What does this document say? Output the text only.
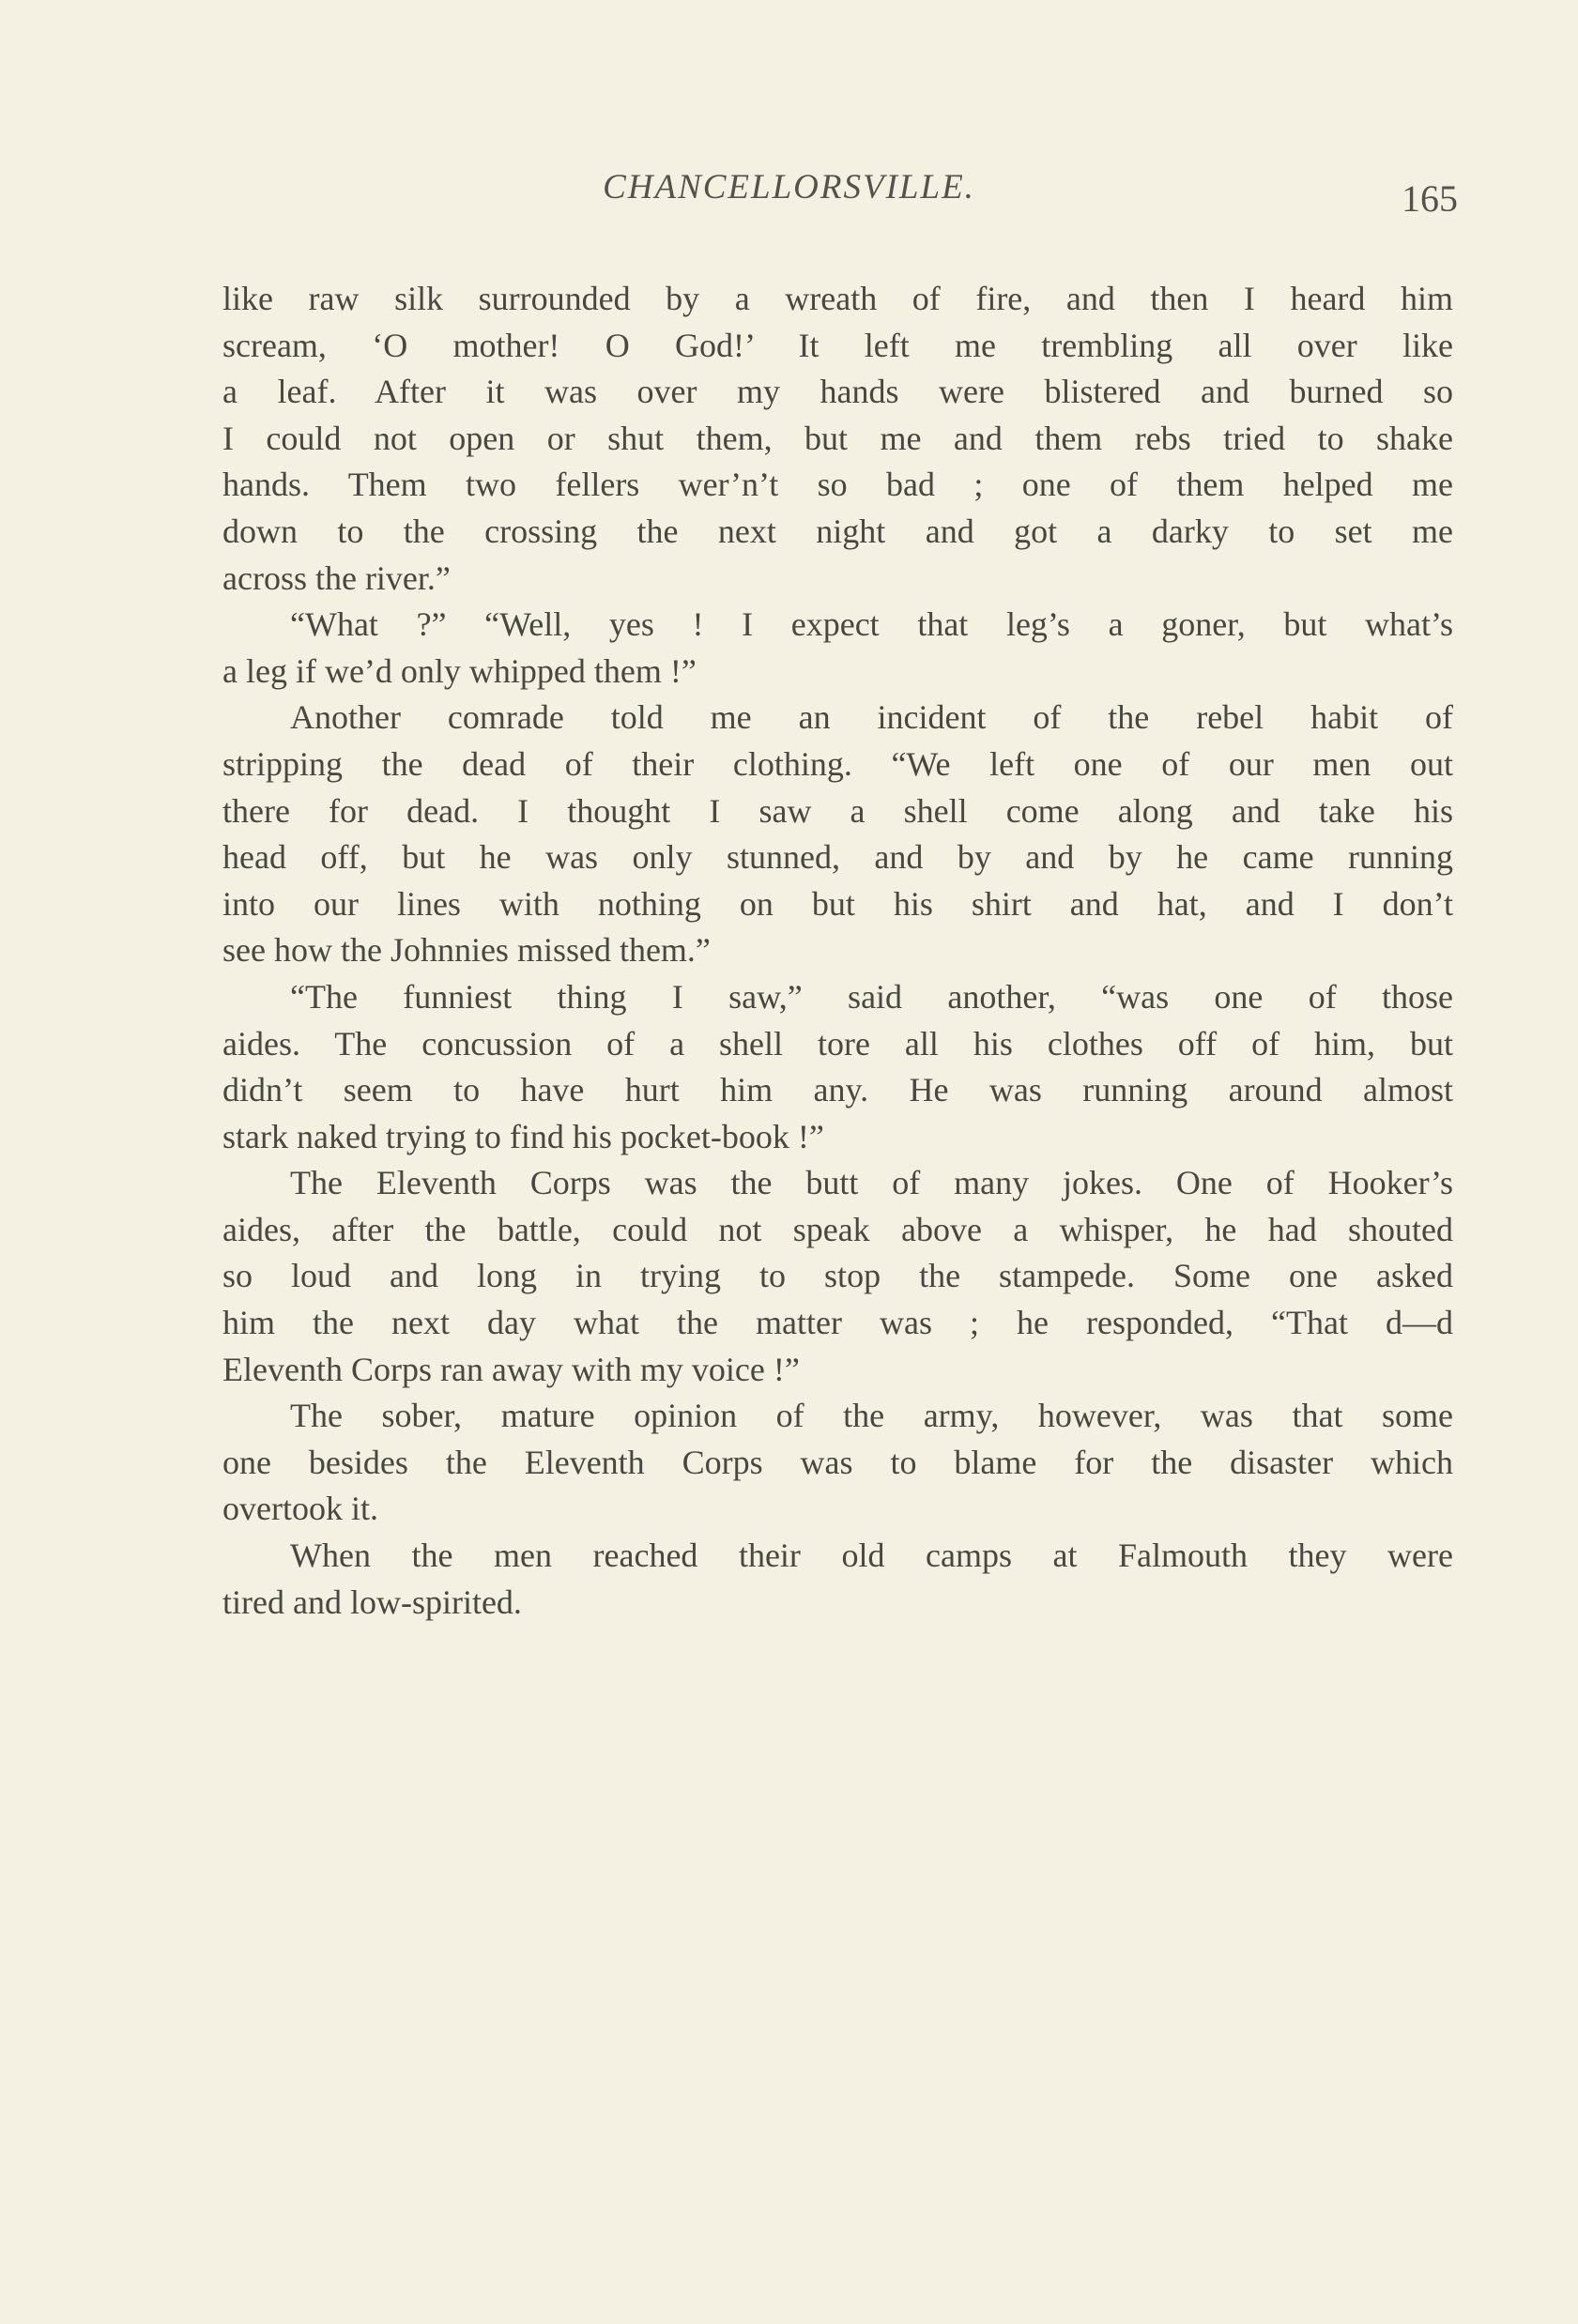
CHANCELLORSVILLE.	165
like raw silk surrounded by a wreath of fire, and then I heard him
scream, ‘O mother! O God!’ It left me trembling all over like
a leaf. After it was over my hands were blistered and burned so
I could not open or shut them, but me and them rebs tried to shake
hands. Them two fellers wer’n’t so bad ; one of them helped me
down to the crossing the next night and got a darky to set me
across the river.”
“What ?” “Well, yes ! I expect that leg’s a goner, but what’s
a leg if we’d only whipped them !”
Another comrade told me an incident of the rebel habit of
stripping the dead of their clothing. “We left one of our men out
there for dead. I thought I saw a shell come along and take his
head off, but he was only stunned, and by and by he came running
into our lines with nothing on but his shirt and hat, and I don’t
see how the Johnnies missed them.”
“The funniest thing I saw,” said another, “was one of those
aides. The concussion of a shell tore all his clothes off of him, but
didn’t seem to have hurt him any. He was running around almost
stark naked trying to find his pocket-book !”
The Eleventh Corps was the butt of many jokes. One of Hooker’s
aides, after the battle, could not speak above a whisper, he had shouted
so loud and long in trying to stop the stampede. Some one asked
him the next day what the matter was ; he responded, “That d—d
Eleventh Corps ran away with my voice !”
The sober, mature opinion of the army, however, was that some
one besides the Eleventh Corps was to blame for the disaster which
overtook it.
When the men reached their old camps at Falmouth they were
tired and low-spirited.
